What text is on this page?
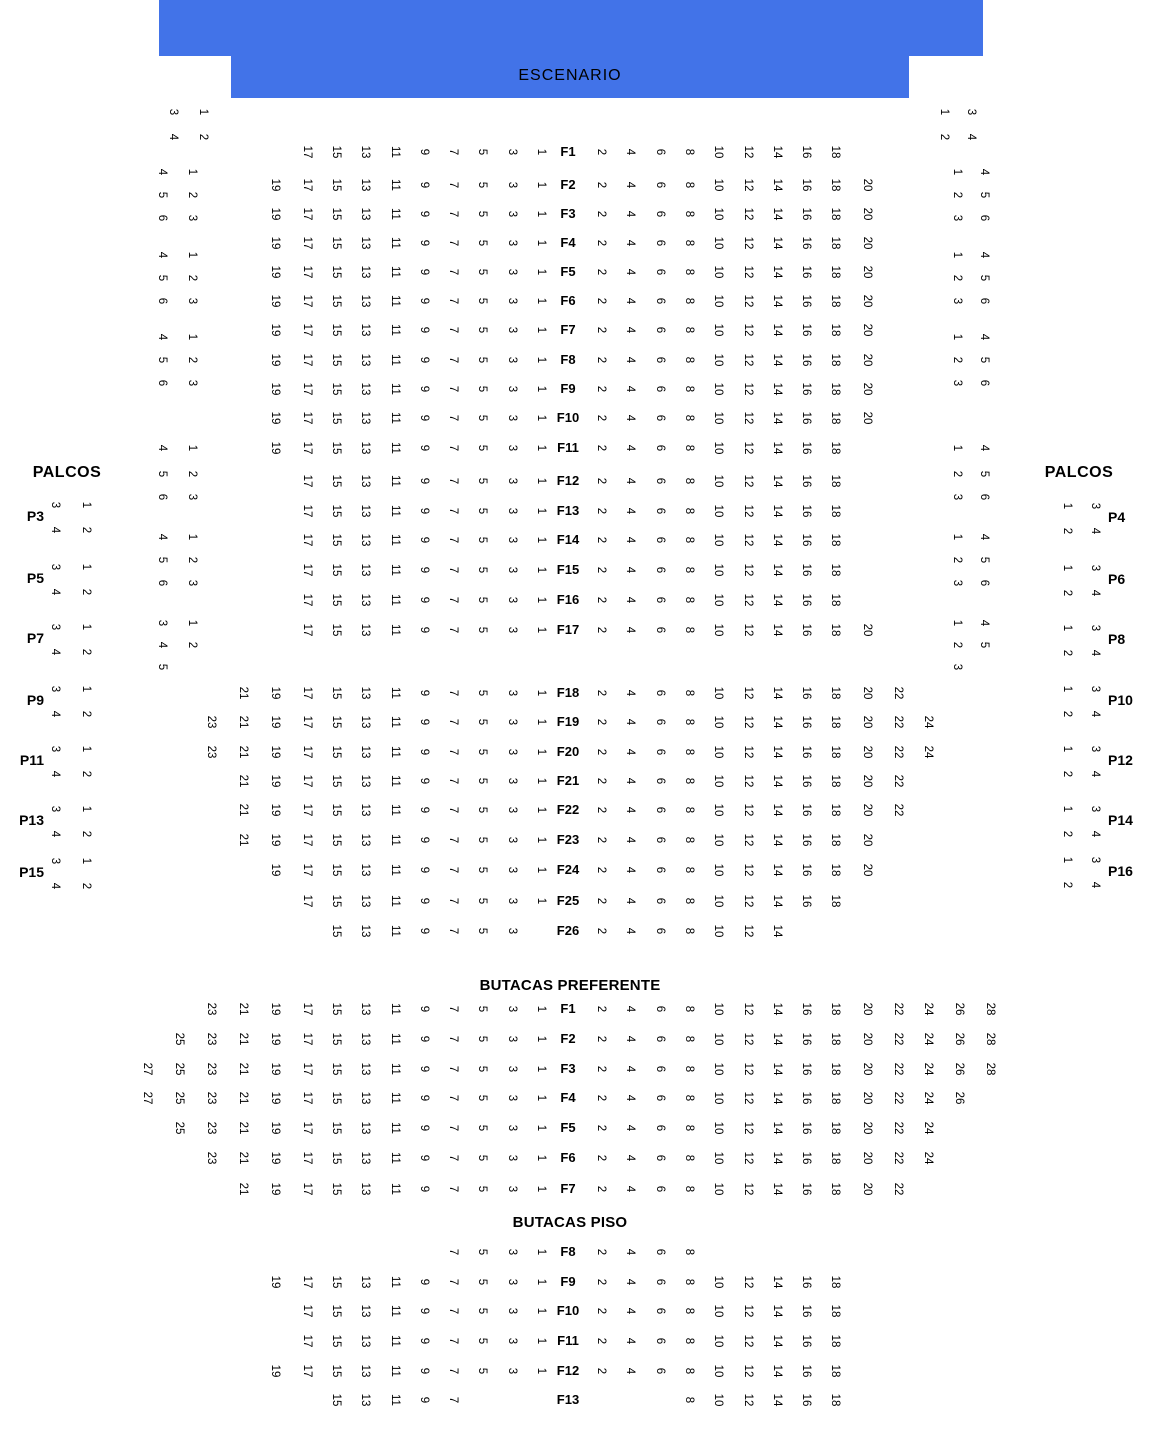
ESCENARIO
F1
17	15	13	11	9	7	5	3	1	2	4	6	8	10	12	14	16	18
F2
19	17	15	13	11	9	7	5	3	1	2	4	6	8	10	12	14	16	18	20
F3
19	17	15	13	11	9	7	5	3	1	2	4	6	8	10	12	14	16	18	20
F4
19	17	15	13	11	9	7	5	3	1	2	4	6	8	10	12	14	16	18	20
F5
19	17	15	13	11	9	7	5	3	1	2	4	6	8	10	12	14	16	18	20
F6
19	17	15	13	11	9	7	5	3	1	2	4	6	8	10	12	14	16	18	20
F7
19	17	15	13	11	9	7	5	3	1	2	4	6	8	10	12	14	16	18	20
F8
19	17	15	13	11	9	7	5	3	1	2	4	6	8	10	12	14	16	18	20
F9
19	17	15	13	11	9	7	5	3	1	2	4	6	8	10	12	14	16	18	20
F10
19	17	15	13	11	9	7	5	3	1	2	4	6	8	10	12	14	16	18	20
F11
19	17	15	13	11	9	7	5	3	1	2	4	6	8	10	12	14	16	18
F12
17	15	13	11	9	7	5	3	1	2	4	6	8	10	12	14	16	18
F13
17	15	13	11	9	7	5	3	1	2	4	6	8	10	12	14	16	18
F14
17	15	13	11	9	7	5	3	1	2	4	6	8	10	12	14	16	18
F15
17	15	13	11	9	7	5	3	1	2	4	6	8	10	12	14	16	18
F16
17	15	13	11	9	7	5	3	1	2	4	6	8	10	12	14	16	18
F17
17	15	13	11	9	7	5	3	1	2	4	6	8	10	12	14	16	18	20
F18
21	19	17	15	13	11	9	7	5	3	1	2	4	6	8	10	12	14	16	18	20	22
F19
23	21	19	17	15	13	11	9	7	5	3	1	2	4	6	8	10	12	14	16	18	20	22	24
F20
23	21	19	17	15	13	11	9	7	5	3	1	2	4	6	8	10	12	14	16	18	20	22	24
F21
21	19	17	15	13	11	9	7	5	3	1	2	4	6	8	10	12	14	16	18	20	22
F22
21	19	17	15	13	11	9	7	5	3	1	2	4	6	8	10	12	14	16	18	20	22
F23
21	19	17	15	13	11	9	7	5	3	1	2	4	6	8	10	12	14	16	18	20
F24
19	17	15	13	11	9	7	5	3	1	2	4	6	8	10	12	14	16	18	20
F25
17	15	13	11	9	7	5	3	1	2	4	6	8	10	12	14	16	18
F26
15	13	11	9	7	5	3	2	4	6	8	10	12	14
BUTACAS PREFERENTE
F1
23	21	19	17	15	13	11	9	7	5	3	1	2	4	6	8	10	12	14	16	18	20	22	24	26	28
F2
25	23	21	19	17	15	13	11	9	7	5	3	1	2	4	6	8	10	12	14	16	18	20	22	24	26	28
F3
27	25	23	21	19	17	15	13	11	9	7	5	3	1	2	4	6	8	10	12	14	16	18	20	22	24	26	28
F4
27	25	23	21	19	17	15	13	11	9	7	5	3	1	2	4	6	8	10	12	14	16	18	20	22	24	26
F5
25	23	21	19	17	15	13	11	9	7	5	3	1	2	4	6	8	10	12	14	16	18	20	22	24
F6
23	21	19	17	15	13	11	9	7	5	3	1	2	4	6	8	10	12	14	16	18	20	22	24
F7
21	19	17	15	13	11	9	7	5	3	1	2	4	6	8	10	12	14	16	18	20	22
BUTACAS PISO
F8
7	5	3	1	2	4	6	8
F9
19	17	15	13	11	9	7	5	3	1	2	4	6	8	10	12	14	16	18
F10
17	15	13	11	9	7	5	3	1	2	4	6	8	10	12	14	16	18
F11
17	15	13	11	9	7	5	3	1	2	4	6	8	10	12	14	16	18
F12
19	17	15	13	11	9	7	5	3	1	2	4	6	8	10	12	14	16	18
F13
15	13	11	9	7	8	10	12	14	16	18
3
4
1
2
4
5
6
1
2
3
4
5
6
1
2
3
4
5
6
1
2
3
4
5
6
1
2
3
4
5
6
1
2
3
3
4
5
1
2
3
4
1
2
4
5
6
1
2
3
4
5
6
1
2
3
4
5
6
1
2
3
4
5
6
1
2
3
4
5
6
1
2
3
4
5
1
2
3
PALCOS
P3
3
4
1
2
P5
3
4
1
2
P7
3
4
1
2
P9
3
4
1
2
P11
3
4
1
2
P13
3
4
1
2
P15
3
4
1
2
PALCOS
P4
3
4
1
2
P6
3
4
1
2
P8
3
4
1
2
P10
3
4
1
2
P12
3
4
1
2
P14
3
4
1
2
P16
3
4
1
2
